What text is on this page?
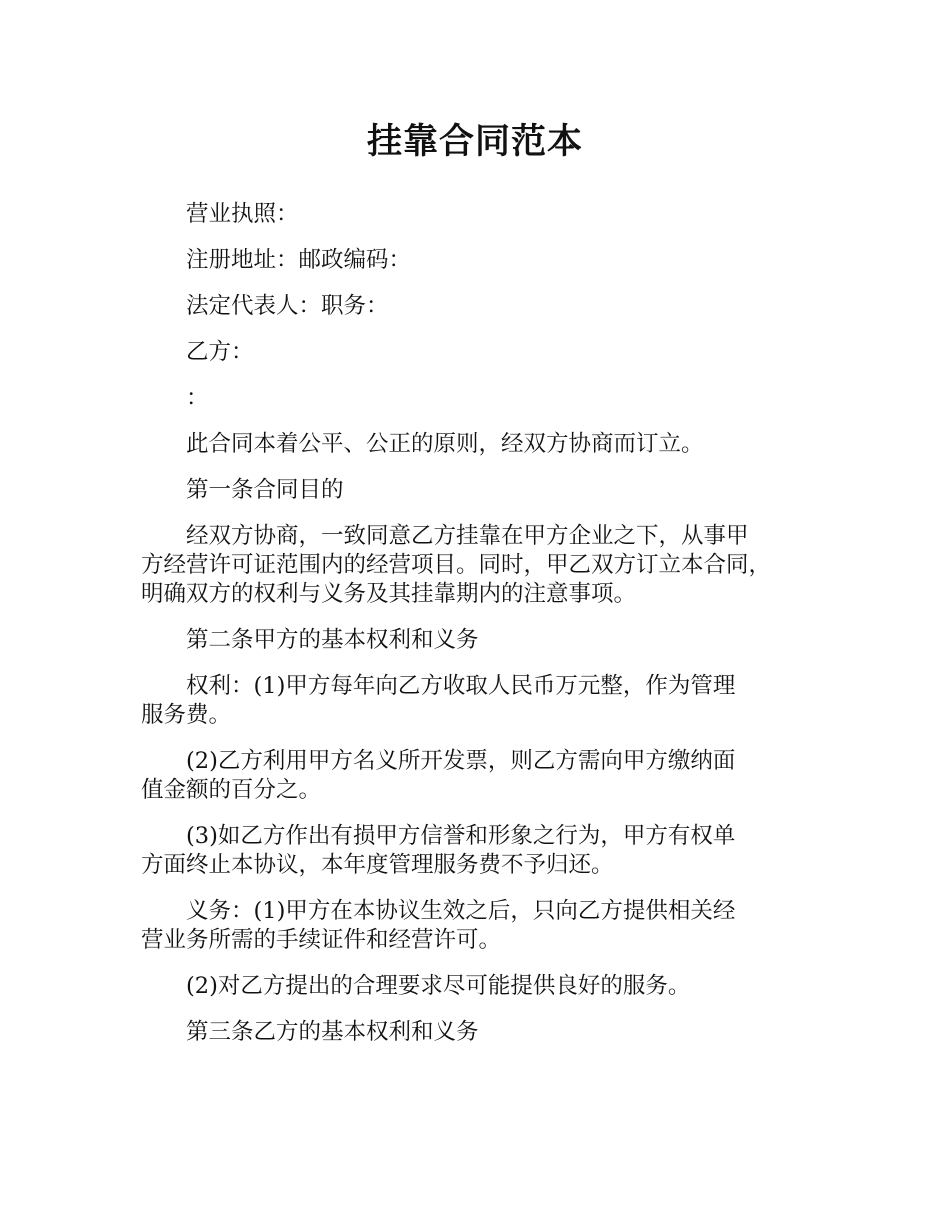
挂靠合同范本

营业执照：

注册地址：邮政编码：

法定代表人：职务：

乙方：

：

此合同本着公平、公正的原则，经双方协商而订立。

第一条合同目的

经双方协商，一致同意乙方挂靠在甲方企业之下，从事甲
方经营许可证范围内的经营项目。同时，甲乙双方订立本合同，
明确双方的权利与义务及其挂靠期内的注意事项。

第二条甲方的基本权利和义务

权利：(1)甲方每年向乙方收取人民币万元整，作为管理
服务费。

(2)乙方利用甲方名义所开发票，则乙方需向甲方缴纳面
值金额的百分之。

(3)如乙方作出有损甲方信誉和形象之行为，甲方有权单
方面终止本协议，本年度管理服务费不予归还。

义务：(1)甲方在本协议生效之后，只向乙方提供相关经
营业务所需的手续证件和经营许可。

(2)对乙方提出的合理要求尽可能提供良好的服务。

第三条乙方的基本权利和义务
